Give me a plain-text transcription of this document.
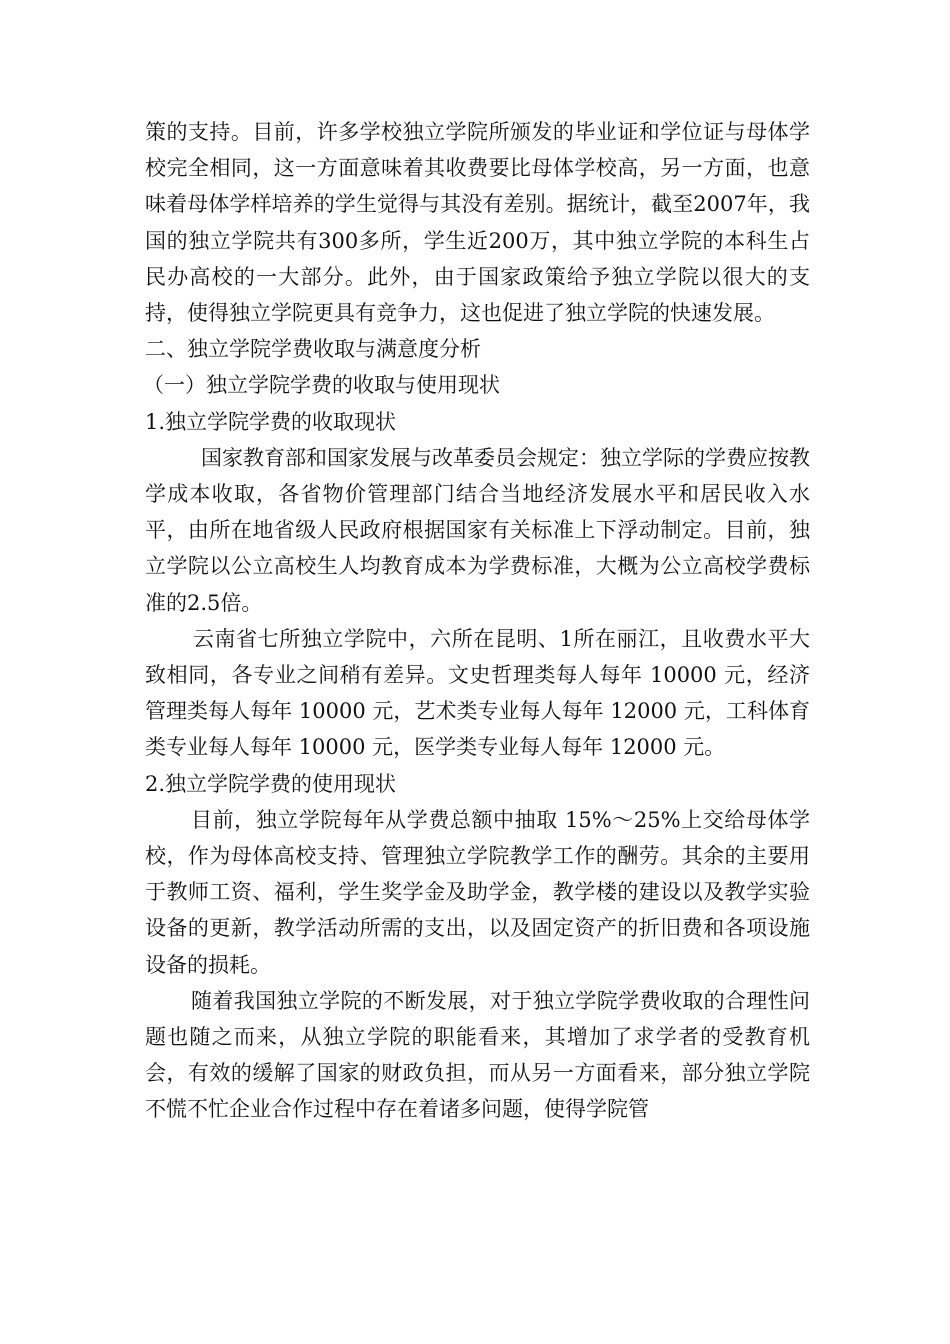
策的支持。目前，许多学校独立学院所颁发的毕业证和学位证与母体学校完全相同，这一方面意味着其收费要比母体学校高，另一方面，也意味着母体学样培养的学生觉得与其没有差别。据统计，截至2007年，我国的独立学院共有300多所，学生近200万，其中独立学院的本科生占民办高校的一大部分。此外，由于国家政策给予独立学院以很大的支持，使得独立学院更具有竞争力，这也促进了独立学院的快速发展。

二、独立学院学费收取与满意度分析

（一）独立学院学费的收取与使用现状

1.独立学院学费的收取现状

国家教育部和国家发展与改革委员会规定：独立学际的学费应按教学成本收取，各省物价管理部门结合当地经济发展水平和居民收入水平，由所在地省级人民政府根据国家有关标准上下浮动制定。目前，独立学院以公立高校生人均教育成本为学费标准，大概为公立高校学费标准的2.5倍。

云南省七所独立学院中，六所在昆明、1所在丽江，且收费水平大致相同，各专业之间稍有差异。文史哲理类每人每年 10000 元，经济管理类每人每年 10000 元，艺术类专业每人每年 12000 元，工科体育类专业每人每年 10000 元，医学类专业每人每年 12000 元。

2.独立学院学费的使用现状

目前，独立学院每年从学费总额中抽取 15%～25%上交给母体学校，作为母体高校支持、管理独立学院教学工作的酬劳。其余的主要用于教师工资、福利，学生奖学金及助学金，教学楼的建设以及教学实验设备的更新，教学活动所需的支出，以及固定资产的折旧费和各项设施设备的损耗。

随着我国独立学院的不断发展，对于独立学院学费收取的合理性问题也随之而来，从独立学院的职能看来，其增加了求学者的受教育机会，有效的缓解了国家的财政负担，而从另一方面看来，部分独立学院不慌不忙企业合作过程中存在着诸多问题，使得学院管
